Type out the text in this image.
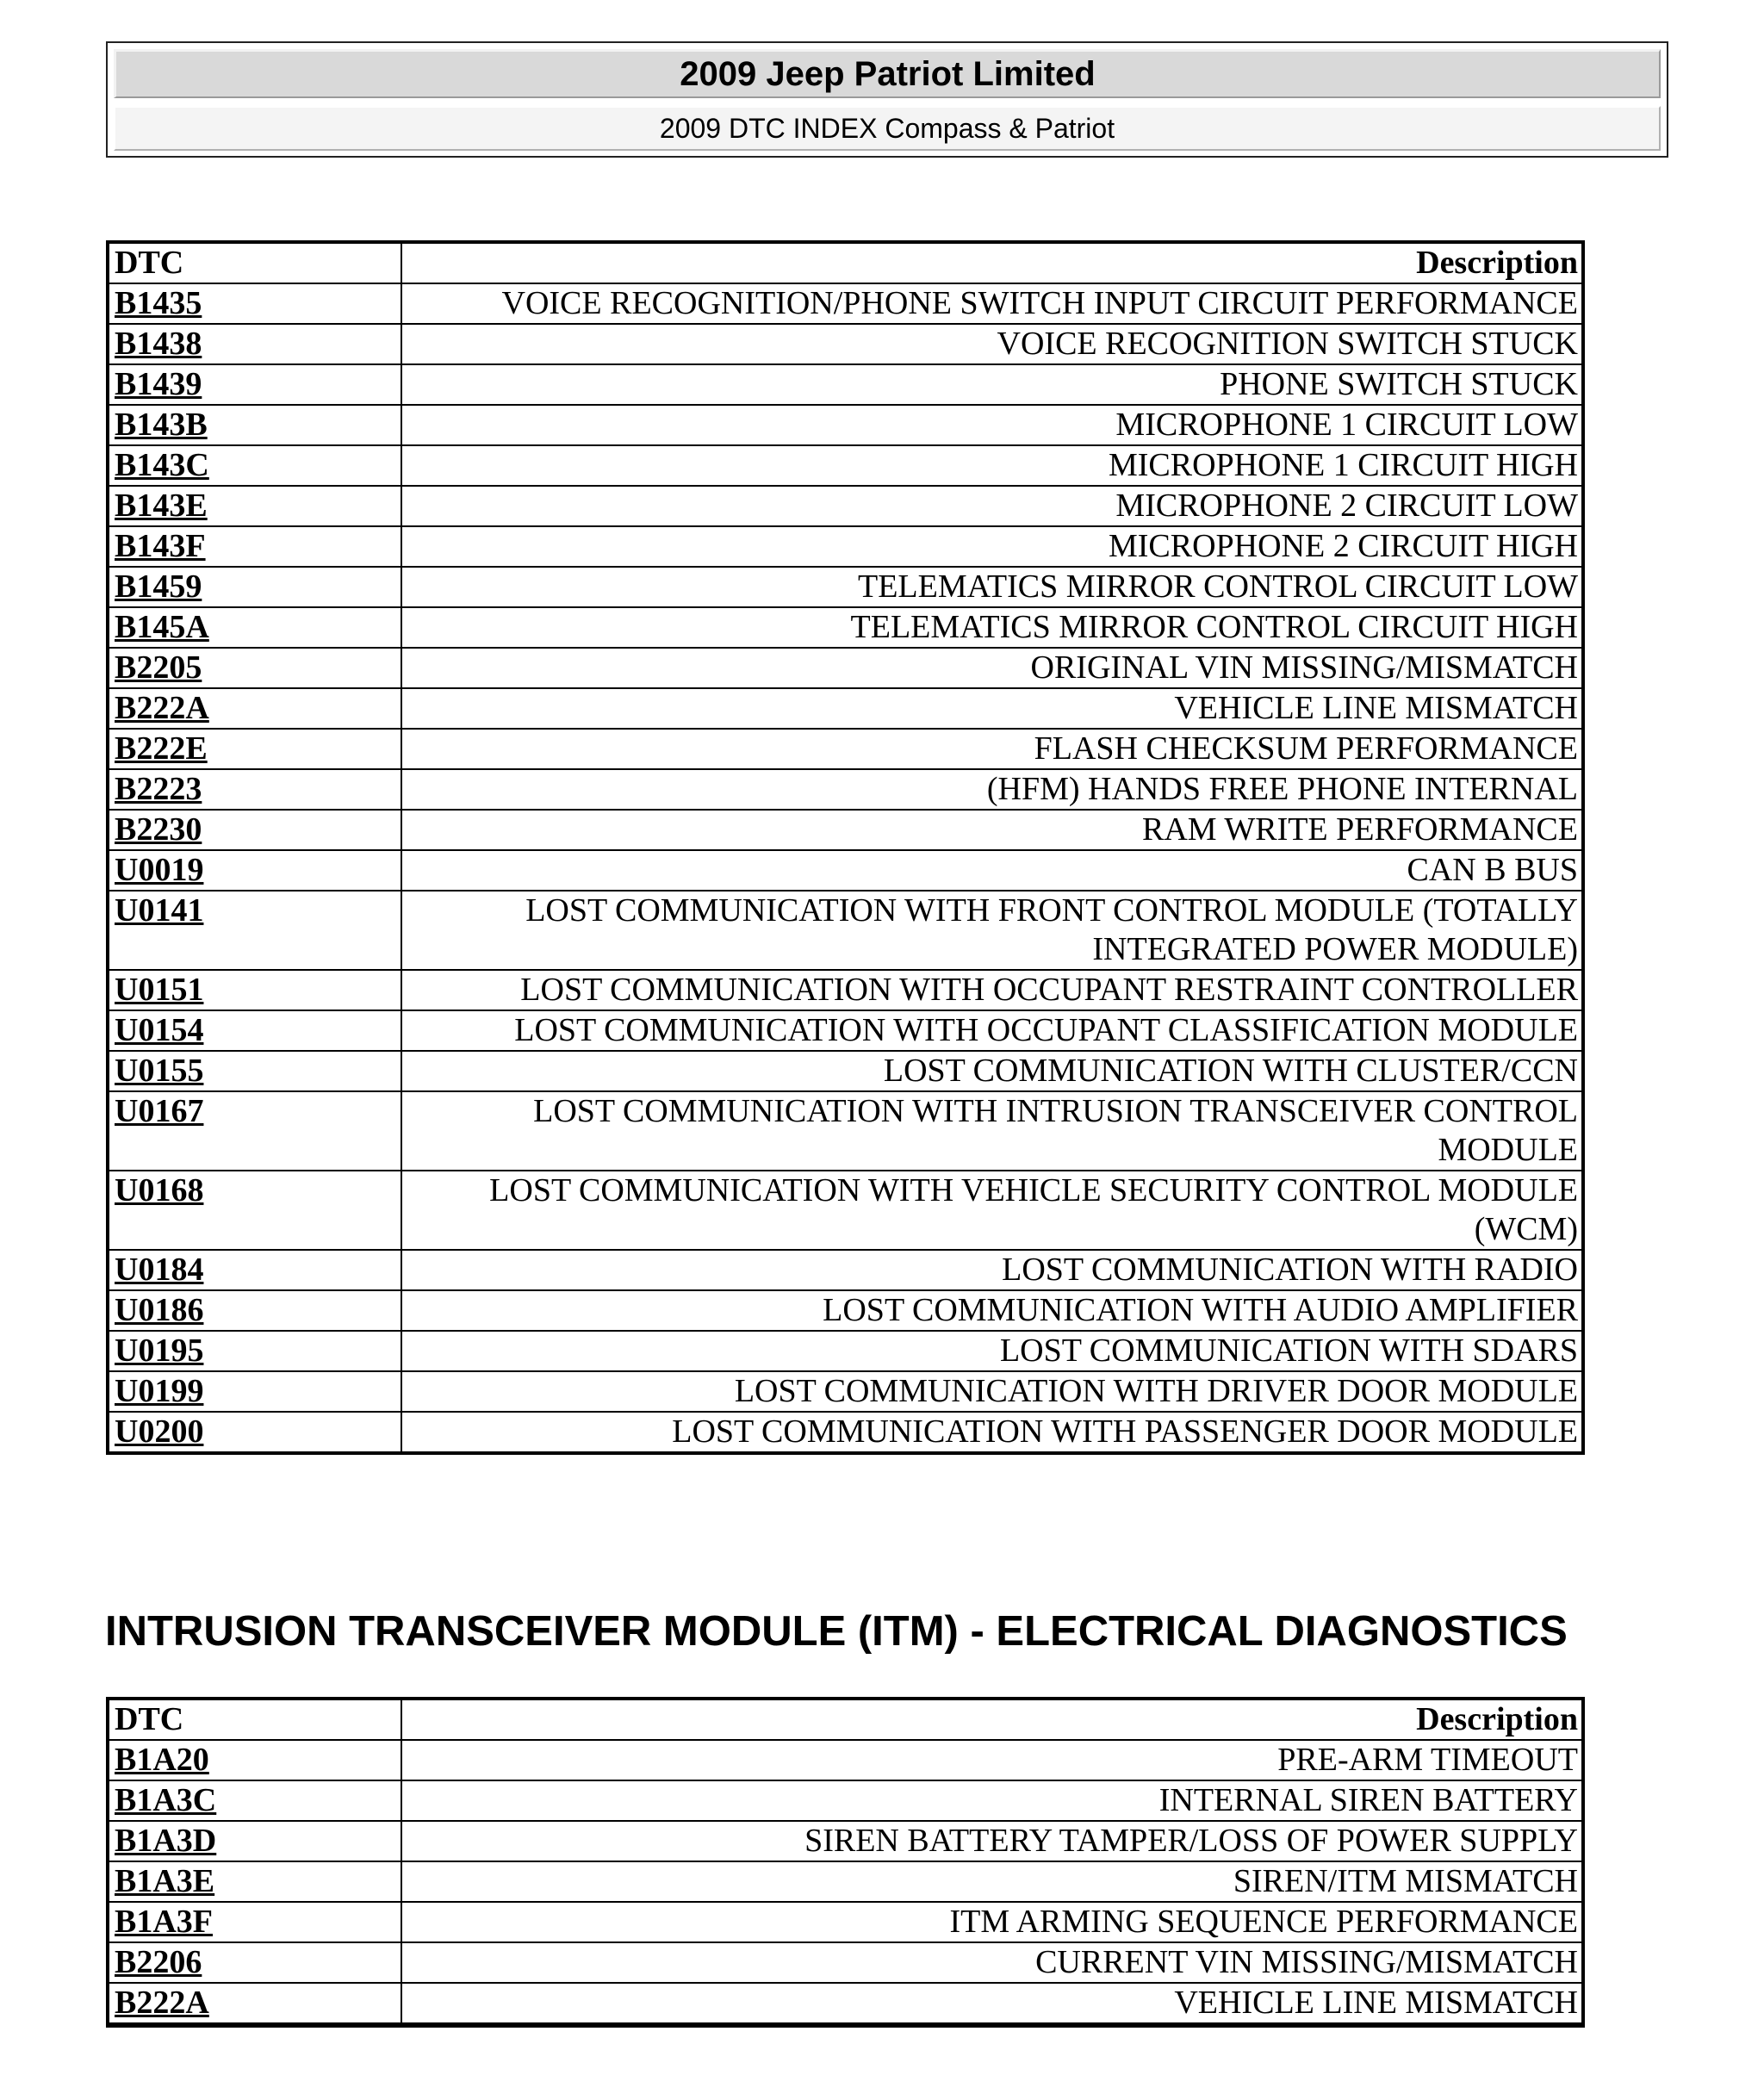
2009 Jeep Patriot Limited
2009 DTC INDEX Compass & Patriot
DTC	Description
B1435	VOICE RECOGNITION/PHONE SWITCH INPUT CIRCUIT PERFORMANCE
B1438	VOICE RECOGNITION SWITCH STUCK
B1439	PHONE SWITCH STUCK
B143B	MICROPHONE 1 CIRCUIT LOW
B143C	MICROPHONE 1 CIRCUIT HIGH
B143E	MICROPHONE 2 CIRCUIT LOW
B143F	MICROPHONE 2 CIRCUIT HIGH
B1459	TELEMATICS MIRROR CONTROL CIRCUIT LOW
B145A	TELEMATICS MIRROR CONTROL CIRCUIT HIGH
B2205	ORIGINAL VIN MISSING/MISMATCH
B222A	VEHICLE LINE MISMATCH
B222E	FLASH CHECKSUM PERFORMANCE
B2223	(HFM) HANDS FREE PHONE INTERNAL
B2230	RAM WRITE PERFORMANCE
U0019	CAN B BUS
U0141	LOST COMMUNICATION WITH FRONT CONTROL MODULE (TOTALLY INTEGRATED POWER MODULE)
U0151	LOST COMMUNICATION WITH OCCUPANT RESTRAINT CONTROLLER
U0154	LOST COMMUNICATION WITH OCCUPANT CLASSIFICATION MODULE
U0155	LOST COMMUNICATION WITH CLUSTER/CCN
U0167	LOST COMMUNICATION WITH INTRUSION TRANSCEIVER CONTROL MODULE
U0168	LOST COMMUNICATION WITH VEHICLE SECURITY CONTROL MODULE (WCM)
U0184	LOST COMMUNICATION WITH RADIO
U0186	LOST COMMUNICATION WITH AUDIO AMPLIFIER
U0195	LOST COMMUNICATION WITH SDARS
U0199	LOST COMMUNICATION WITH DRIVER DOOR MODULE
U0200	LOST COMMUNICATION WITH PASSENGER DOOR MODULE
INTRUSION TRANSCEIVER MODULE (ITM) - ELECTRICAL DIAGNOSTICS
DTC	Description
B1A20	PRE-ARM TIMEOUT
B1A3C	INTERNAL SIREN BATTERY
B1A3D	SIREN BATTERY TAMPER/LOSS OF POWER SUPPLY
B1A3E	SIREN/ITM MISMATCH
B1A3F	ITM ARMING SEQUENCE PERFORMANCE
B2206	CURRENT VIN MISSING/MISMATCH
B222A	VEHICLE LINE MISMATCH
